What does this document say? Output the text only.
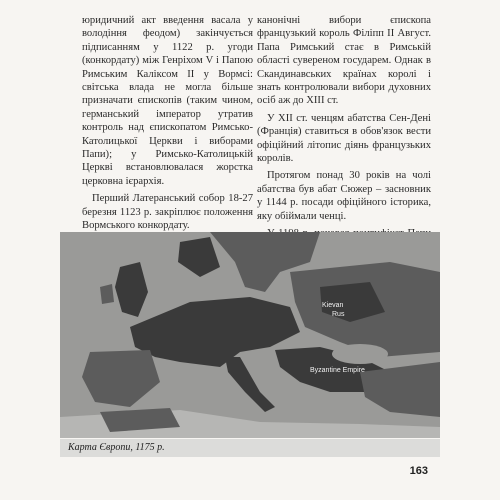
юридичний акт введення васала у володіння феодом) закінчується підписанням у 1122 р. угоди (конкордату) між Генріхом V і Папою Римським Каліксом II у Вормсі: світська влада не могла більше призначати єпископів (таким чином, германський імператор утратив контроль над єпископатом Римсько-Католицької Церкви і виборами Папи); у Римсько-Католицькій Церкві встановлювалася жорстка церковна ієрархія.

Перший Латеранський собор 18-27 березня 1123 р. закріплює положення Вормського конкордату.

канонічні вибори єпископа французький король Філіпп II Август. Папа Римський стає в Римській області сувереном государем. Однак в Скандинавських країнах королі і знать контролювали вибори духовних осіб аж до XIII ст.

У XII ст. ченцям абатства Сен-Дені (Франція) ставиться в обов'язок вести офіційний літопис діянь французьких королів.

Протягом понад 30 років на чолі абатства був абат Сюжер – засновник у 1144 р. посади офіційного історика, яку обіймали ченці.

Kievan
Rus
Byzantine Empire
Карта Європи, 1175 р.
163
